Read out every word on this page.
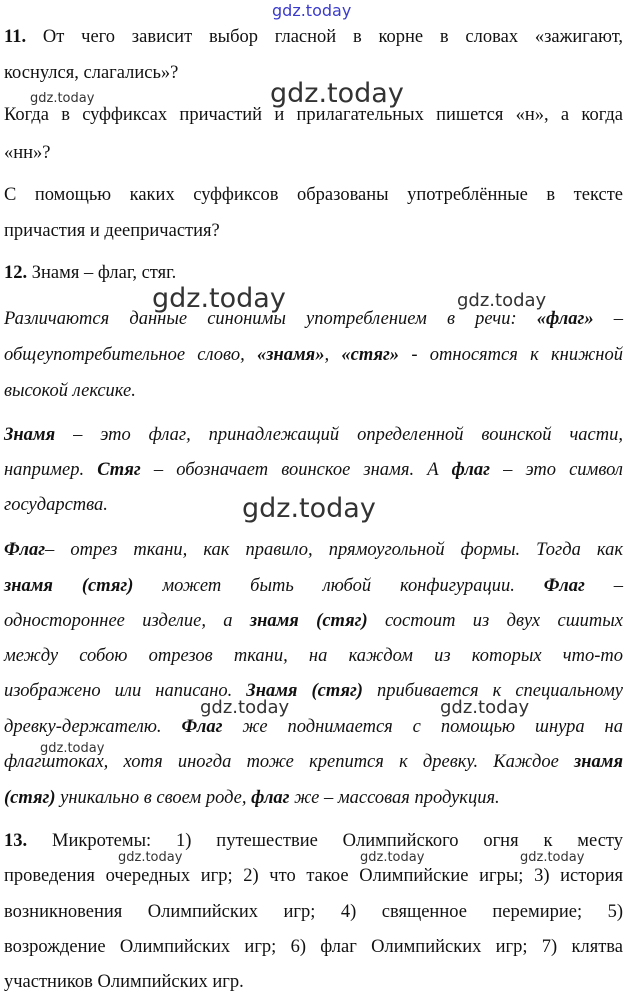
gdz.today
gdz.today	gdz.today
gdz.today	gdz.today
gdz.today
gdz.today	gdz.today
gdz.today
gdz.today	gdz.today	gdz.today
11. От чего зависит выбор гласной в корне в словах «зажигают,
коснулся, слагались»?
Когда в суффиксах причастий и прилагательных пишется «н», а когда
«нн»?
С помощью каких суффиксов образованы употреблённые в тексте
причастия и деепричастия?
12. Знамя – флаг, стяг.
Различаются данные синонимы употреблением в речи: «флаг» –
общеупотребительное слово, «знамя», «стяг» - относятся к книжной
высокой лексике.
Знамя – это флаг, принадлежащий определенной воинской части,
например. Стяг – обозначает воинское знамя. А флаг – это символ
государства.
Флаг– отрез ткани, как правило, прямоугольной формы. Тогда как
знамя (стяг) может быть любой конфигурации. Флаг –
одностороннее изделие, а знамя (стяг) состоит из двух сшитых
между собою отрезов ткани, на каждом из которых что-то
изображено или написано. Знамя (стяг) прибивается к специальному
древку-держателю. Флаг же поднимается с помощью шнура на
флагштоках, хотя иногда тоже крепится к древку. Каждое знамя
(стяг) уникально в своем роде, флаг же – массовая продукция.
13. Микротемы: 1) путешествие Олимпийского огня к месту
проведения очередных игр; 2) что такое Олимпийские игры; 3) история
возникновения Олимпийских игр; 4) священное перемирие; 5)
возрождение Олимпийских игр; 6) флаг Олимпийских игр; 7) клятва
участников Олимпийских игр.
